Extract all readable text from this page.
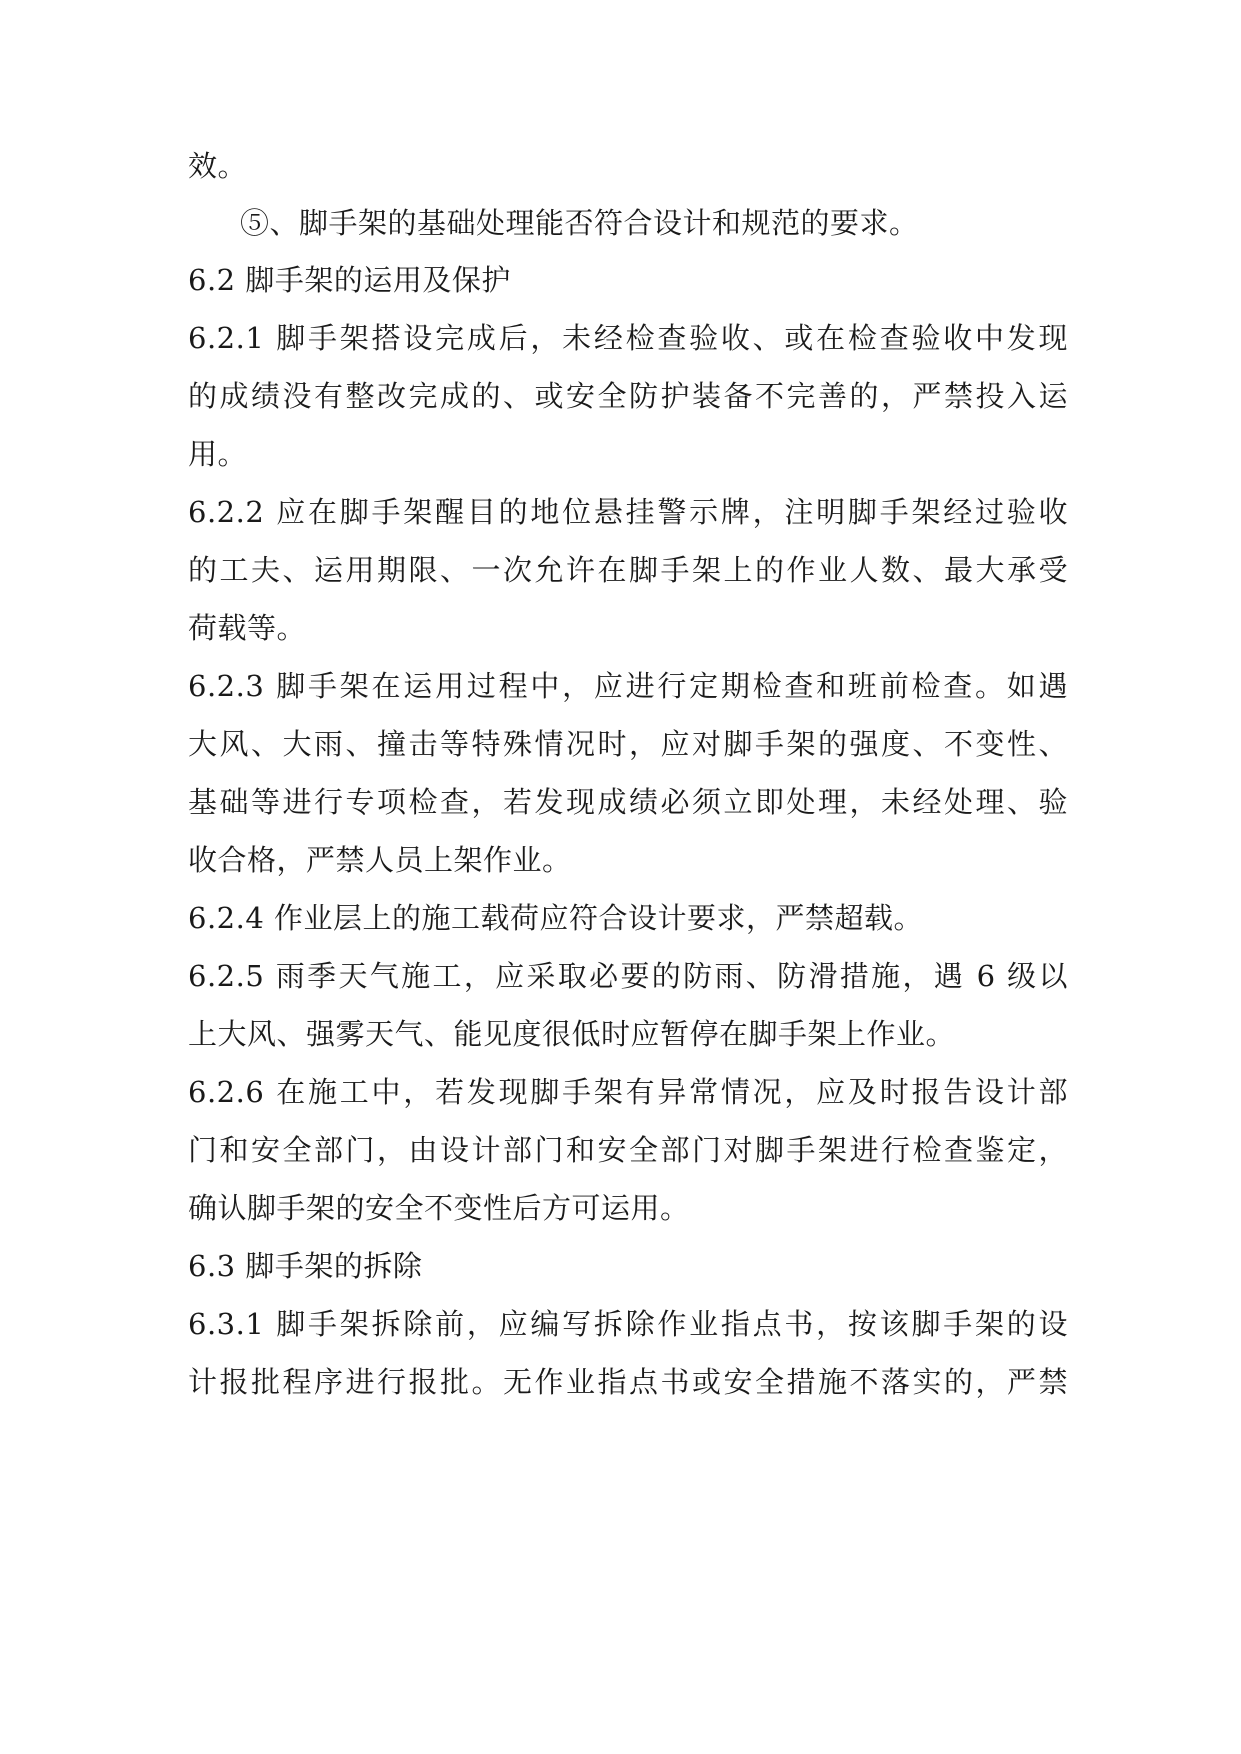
效。
⑤、脚手架的基础处理能否符合设计和规范的要求。
6.2 脚手架的运用及保护
6.2.1 脚手架搭设完成后，未经检查验收、或在检查验收中发现
的成绩没有整改完成的、或安全防护装备不完善的，严禁投入运
用。
6.2.2 应在脚手架醒目的地位悬挂警示牌，注明脚手架经过验收
的工夫、运用期限、一次允许在脚手架上的作业人数、最大承受
荷载等。
6.2.3 脚手架在运用过程中，应进行定期检查和班前检查。如遇
大风、大雨、撞击等特殊情况时，应对脚手架的强度、不变性、
基础等进行专项检查，若发现成绩必须立即处理，未经处理、验
收合格，严禁人员上架作业。
6.2.4 作业层上的施工载荷应符合设计要求，严禁超载。
6.2.5 雨季天气施工，应采取必要的防雨、防滑措施，遇 6 级以
上大风、强雾天气、能见度很低时应暂停在脚手架上作业。
6.2.6 在施工中，若发现脚手架有异常情况，应及时报告设计部
门和安全部门，由设计部门和安全部门对脚手架进行检查鉴定，
确认脚手架的安全不变性后方可运用。
6.3 脚手架的拆除
6.3.1 脚手架拆除前，应编写拆除作业指点书，按该脚手架的设
计报批程序进行报批。无作业指点书或安全措施不落实的，严禁
